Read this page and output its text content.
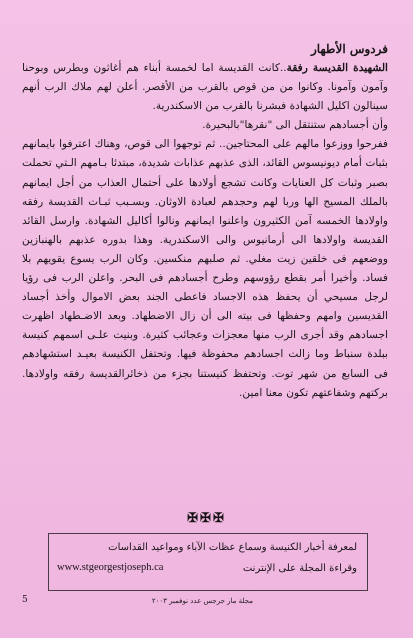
فردوس الأطهار

الشهيدة القديسة رفقة..كانت القديسة اما لخمسة أبناء هم أغاثون وبطرس وبوحنا وآمون وآمونا. وكانوا من من قوص بالقرب من الأقصر. أعلن لهم ملاك الرب أنهم سينالون اكليل الشهادة فبشرنا بالقرب من الاسكندرية.

وأن أجسادهم ستنتقل الى "نقرها"بالبحيرة.

ففرحوا ووزعوا مالهم على المحتاجين.. ثم توجهوا الى قوص، وهناك اعترفوا بايمانهم بثبات أمام ديونيسوس القائد، الذى عذبهم عذابات شديدة، مبتدئا بـامهم الـتي تحملت بصبر وثبات كل العنايات وكانت تشجع أولادها على أحتمال العذاب من أجل ايمانهم بالملك المسيح الها وربا لهم وحجدهم لعبادة الاوثان. وبسـبب ثبـات القديسة رفقه واولادها الخمسه آمن الكثيرون واعلنوا ايمانهم ونالوا أكاليل الشهادة. وارسل القائد القديسة واولادها الى أرمانيوس والى الاسكندرية. وهذا بدوره عذبهم بالهنبازين ووضعهم فى خلقين زيت مغلي. ثم صلبهم منكسين. وكان الرب يسوع يقويهم بلا فساد. وأخيرا أمر بقطع رؤوسهم وطرح أجسادهم فى البحر. واعلن الرب فى رؤيا لرجل مسيحي أن يحفظ هذه الاجساد فاعطى الجند بعض الاموال وأخذ أجساد القديسين وامهم وحفظها فى بيته الى أن زال الاضطهاد. وبعد الاضـطهاد اظهرت اجسادهم وقد أجرى الرب منها معجزات وعجائب كثيرة. وبنيت علـى اسمهم كنيسة ببلدة سنباط وما زالت اجسادهم محفوظة فيها. وتحتفل الكنيسة بعيـد استشهادهم فى السابع من شهر توت. وتحتفظ كنيستنا بجزء من ذخائرالقديسة رفقه واولادها. بركتهم وشفاعتهم تكون معنا امين.

✠✠✠
لمعرفة أخبار الكنيسة وسماع عظات الآباء ومواعيد القداسات
وقراءة المجلة على الإنترنت
www.stgeorgestjoseph.ca
5	مجلة مار جرجس عدد نوفمبر ٢٠٠٣
